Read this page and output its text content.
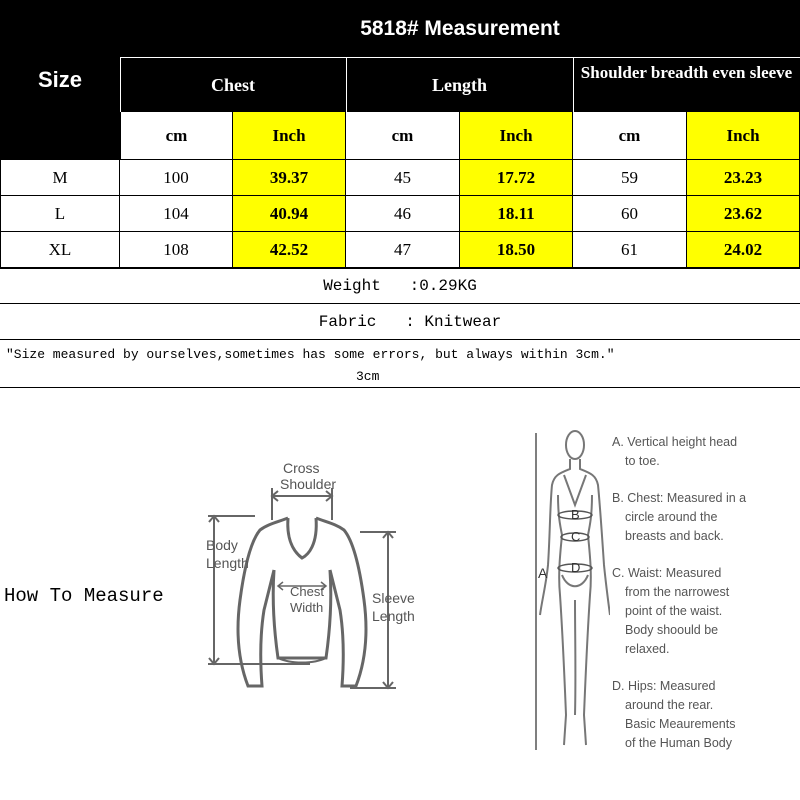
Size
5818# Measurement
Chest	Length
Shoulder breadth even sleeve
cm	Inch	cm	Inch	cm	Inch
M	100	39.37	45	17.72	59	23.23
L	104	40.94	46	18.11	60	23.62
XL	108	42.52	47	18.50	61	24.02
Weight   :0.29KG
Fabric   : Knitwear
"Size measured by ourselves,sometimes has some errors, but always within 3cm."
3cm
How To Measure
Cross
Shoulder
Body
Length
Chest
Width
Sleeve
Length
B
C
D
A
A. Vertical height head
to toe.
B. Chest: Measured in a
circle around the
breasts and back.
C. Waist: Measured
from the narrowest
point of the waist.
Body shoould be
relaxed.
D. Hips: Measured
around the rear.
Basic Meaurements
of the Human Body
